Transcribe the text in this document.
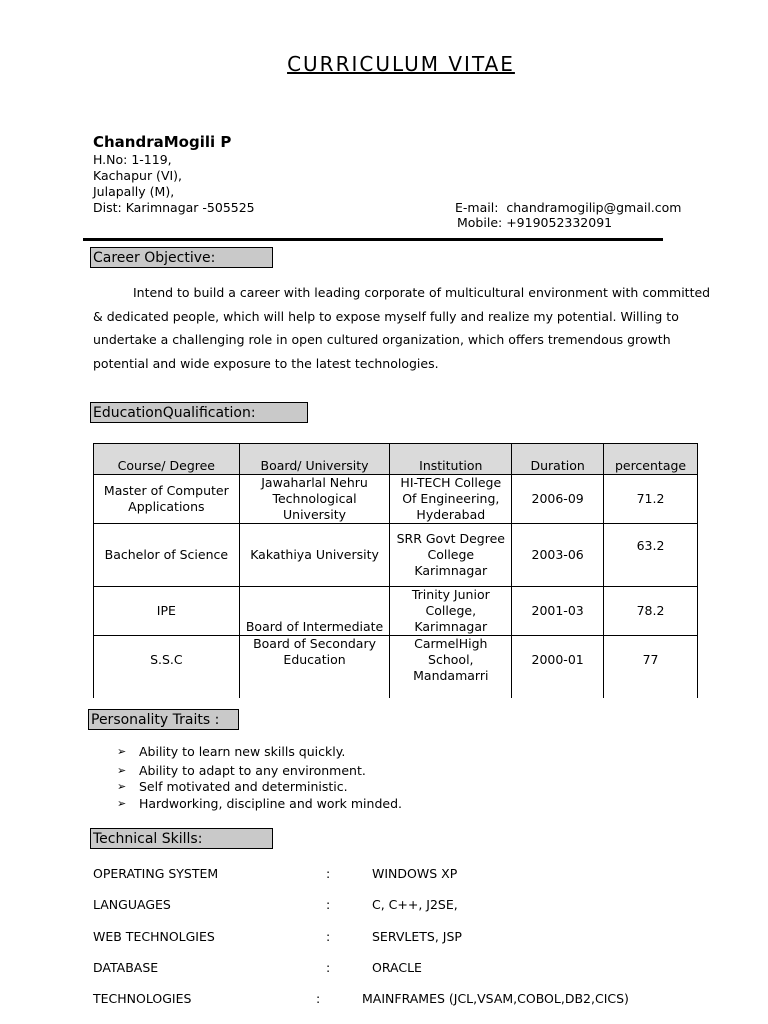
CURRICULUM VITAE
ChandraMogili P
H.No: 1-119,
Kachapur (VI),
Julapally (M),
Dist: Karimnagar -505525	E-mail: chandramogilip@gmail.com
Mobile: +919052332091
Career Objective:

Intend to build a career with leading corporate of multicultural environment with committed & dedicated people, which will help to expose myself fully and realize my potential. Willing to undertake a challenging role in open cultured organization, which offers tremendous growth potential and wide exposure to the latest technologies.

EducationQualification:
Course/ Degree	Board/ University	Institution	Duration	percentage
Master of Computer Applications	Jawaharlal Nehru Technological University	HI-TECH College Of Engineering, Hyderabad	2006-09	71.2
Bachelor of Science	Kakathiya University	SRR Govt Degree College Karimnagar	2003-06	63.2
IPE	Board of Intermediate	Trinity Junior College, Karimnagar	2001-03	78.2
S.S.C	Board of Secondary Education	CarmelHigh School, Mandamarri	2000-01	77
Personality Traits :
➢ Ability to learn new skills quickly.
➢ Ability to adapt to any environment.
➢ Self motivated and deterministic.
➢ Hardworking, discipline and work minded.
Technical Skills:
OPERATING SYSTEM	:	WINDOWS XP
LANGUAGES	:	C, C++, J2SE,
WEB TECHNOLGIES	:	SERVLETS, JSP
DATABASE	:	ORACLE
TECHNOLOGIES	:	MAINFRAMES (JCL,VSAM,COBOL,DB2,CICS)
